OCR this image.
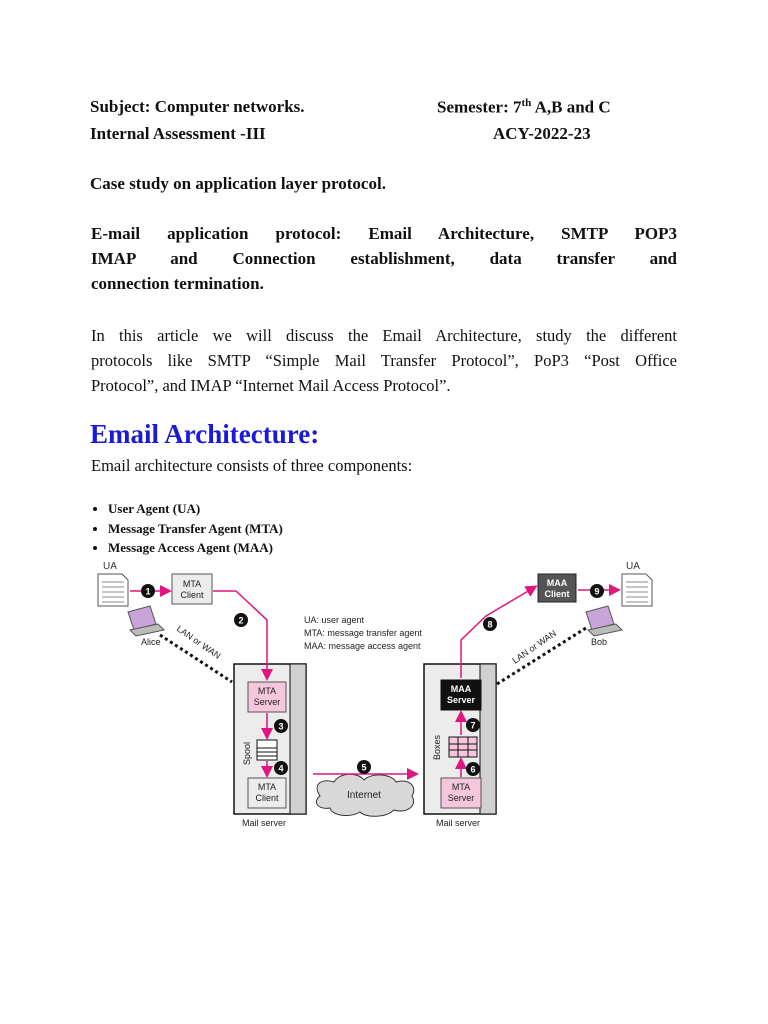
Subject: Computer networks.	Semester: 7th A,B and C
Internal Assessment -III	ACY-2022-23
Case study on application layer protocol.
E-mail application protocol: Email Architecture, SMTP POP3
IMAP and Connection establishment, data transfer and
connection termination.
In this article we will discuss the Email Architecture, study the different
protocols like SMTP “Simple Mail Transfer Protocol”, PoP3 “Post Office
Protocol”, and IMAP “Internet Mail Access Protocol”.
Email Architecture:
Email architecture consists of three components:
• User Agent (UA)
• Message Transfer Agent (MTA)
• Message Access Agent (MAA)
Mail server	Mail server
UA	UA
MTA
Client
MAA
Client
Alice	Bob
LAN or WAN	LAN or WAN
UA: user agent
MTA: message transfer agent
MAA: message access agent
MTA
Server
Spool
MTA
Client
MAA
Server
Boxes
MTA
Server
Internet
1
2
3
4	5	6
7
8
9
